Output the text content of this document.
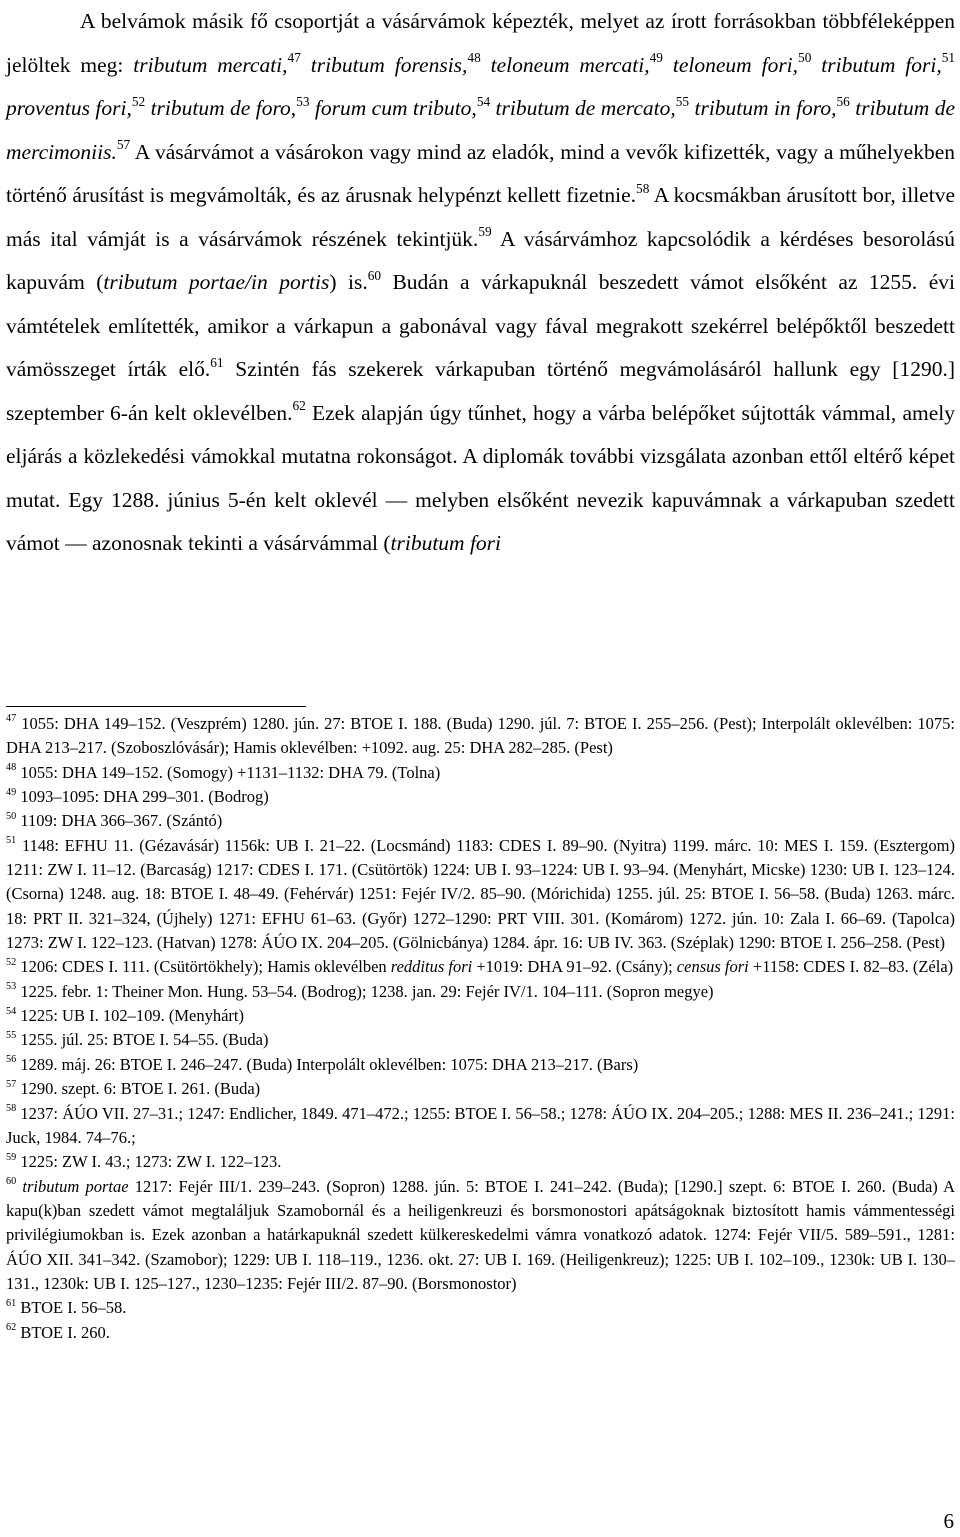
A belvámok másik fő csoportját a vásárvámok képezték, melyet az írott forrásokban többféleképpen jelöltek meg: tributum mercati,$^{47}$ tributum forensis,$^{48}$ teloneum mercati,$^{49}$ teloneum fori,$^{50}$ tributum fori,$^{51}$ proventus fori,$^{52}$ tributum de foro,$^{53}$ forum cum tributo,$^{54}$ tributum de mercato,$^{55}$ tributum in foro,$^{56}$ tributum de mercimoniis.$^{57}$ A vásárvámot a vásárokon vagy mind az eladók, mind a vevők kifizették, vagy a műhelyekben történő árusítást is megvámolták, és az árusnak helypénzt kellett fizetnie.$^{58}$ A kocsmákban árusított bor, illetve más ital vámját is a vásárvámok részének tekintjük.$^{59}$ A vásárvámhoz kapcsolódik a kérdéses besorolású kapuvám (tributum portae/in portis) is.$^{60}$ Budán a várkapuknál beszedett vámot elsőként az 1255. évi vámtételek említették, amikor a várkapun a gabonával vagy fával megrakott szekérrel belépőktől beszedett vámösszeget írták elő.$^{61}$ Szintén fás szekerek várkapuban történő megvámolásáról hallunk egy [1290.] szeptember 6-án kelt oklevélben.$^{62}$ Ezek alapján úgy tűnhet, hogy a várba belépőket sújtották vámmal, amely eljárás a közlekedési vámokkal mutatna rokonságot. A diplomák további vizsgálata azonban ettől eltérő képet mutat. Egy 1288. június 5-én kelt oklevél — melyben elsőként nevezik kapuvámnak a várkapuban szedett vámot — azonosnak tekinti a vásárvámmal (tributum fori

$^{47}$ 1055: DHA 149–152. (Veszprém) 1280. jún. 27: BTOE I. 188. (Buda) 1290. júl. 7: BTOE I. 255–256. (Pest); Interpolált oklevélben: 1075: DHA 213–217. (Szoboszlóvásár); Hamis oklevélben: +1092. aug. 25: DHA 282–285. (Pest)

$^{48}$ 1055: DHA 149–152. (Somogy) +1131–1132: DHA 79. (Tolna)

$^{49}$ 1093–1095: DHA 299–301. (Bodrog)

$^{50}$ 1109: DHA 366–367. (Szántó)

$^{51}$ 1148: EFHU 11. (Gézavásár) 1156k: UB I. 21–22. (Locsmánd) 1183: CDES I. 89–90. (Nyitra) 1199. márc. 10: MES I. 159. (Esztergom) 1211: ZW I. 11–12. (Barcaság) 1217: CDES I. 171. (Csütörtök) 1224: UB I. 93–1224: UB I. 93–94. (Menyhárt, Micske) 1230: UB I. 123–124. (Csorna) 1248. aug. 18: BTOE I. 48–49. (Fehérvár) 1251: Fejér IV/2. 85–90. (Mórichida) 1255. júl. 25: BTOE I. 56–58. (Buda) 1263. márc. 18: PRT II. 321–324, (Újhely) 1271: EFHU 61–63. (Győr) 1272–1290: PRT VIII. 301. (Komárom) 1272. jún. 10: Zala I. 66–69. (Tapolca) 1273: ZW I. 122–123. (Hatvan) 1278: ÁÚO IX. 204–205. (Gölnicbánya) 1284. ápr. 16: UB IV. 363. (Széplak) 1290: BTOE I. 256–258. (Pest)

$^{52}$ 1206: CDES I. 111. (Csütörtökhely); Hamis oklevélben redditus fori +1019: DHA 91–92. (Csány); census fori +1158: CDES I. 82–83. (Zéla)

$^{53}$ 1225. febr. 1: Theiner Mon. Hung. 53–54. (Bodrog); 1238. jan. 29: Fejér IV/1. 104–111. (Sopron megye)

$^{54}$ 1225: UB I. 102–109. (Menyhárt)

$^{55}$ 1255. júl. 25: BTOE I. 54–55. (Buda)

$^{56}$ 1289. máj. 26: BTOE I. 246–247. (Buda) Interpolált oklevélben: 1075: DHA 213–217. (Bars)

$^{57}$ 1290. szept. 6: BTOE I. 261. (Buda)

$^{58}$ 1237: ÁÚO VII. 27–31.; 1247: Endlicher, 1849. 471–472.; 1255: BTOE I. 56–58.; 1278: ÁÚO IX. 204–205.; 1288: MES II. 236–241.; 1291: Juck, 1984. 74–76.;

$^{59}$ 1225: ZW I. 43.; 1273: ZW I. 122–123.

$^{60}$ tributum portae 1217: Fejér III/1. 239–243. (Sopron) 1288. jún. 5: BTOE I. 241–242. (Buda); [1290.] szept. 6: BTOE I. 260. (Buda) A kapu(k)ban szedett vámot megtaláljuk Szamobornál és a heiligenkreuzi és borsmonostori apátságoknak biztosított hamis vámmentességi privilégiumokban is. Ezek azonban a határkapuknál szedett külkereskedelmi vámra vonatkozó adatok. 1274: Fejér VII/5. 589–591., 1281: ÁÚO XII. 341–342. (Szamobor); 1229: UB I. 118–119., 1236. okt. 27: UB I. 169. (Heiligenkreuz); 1225: UB I. 102–109., 1230k: UB I. 130–131., 1230k: UB I. 125–127., 1230–1235: Fejér III/2. 87–90. (Borsmonostor)

$^{61}$ BTOE I. 56–58.

$^{62}$ BTOE I. 260.

6
